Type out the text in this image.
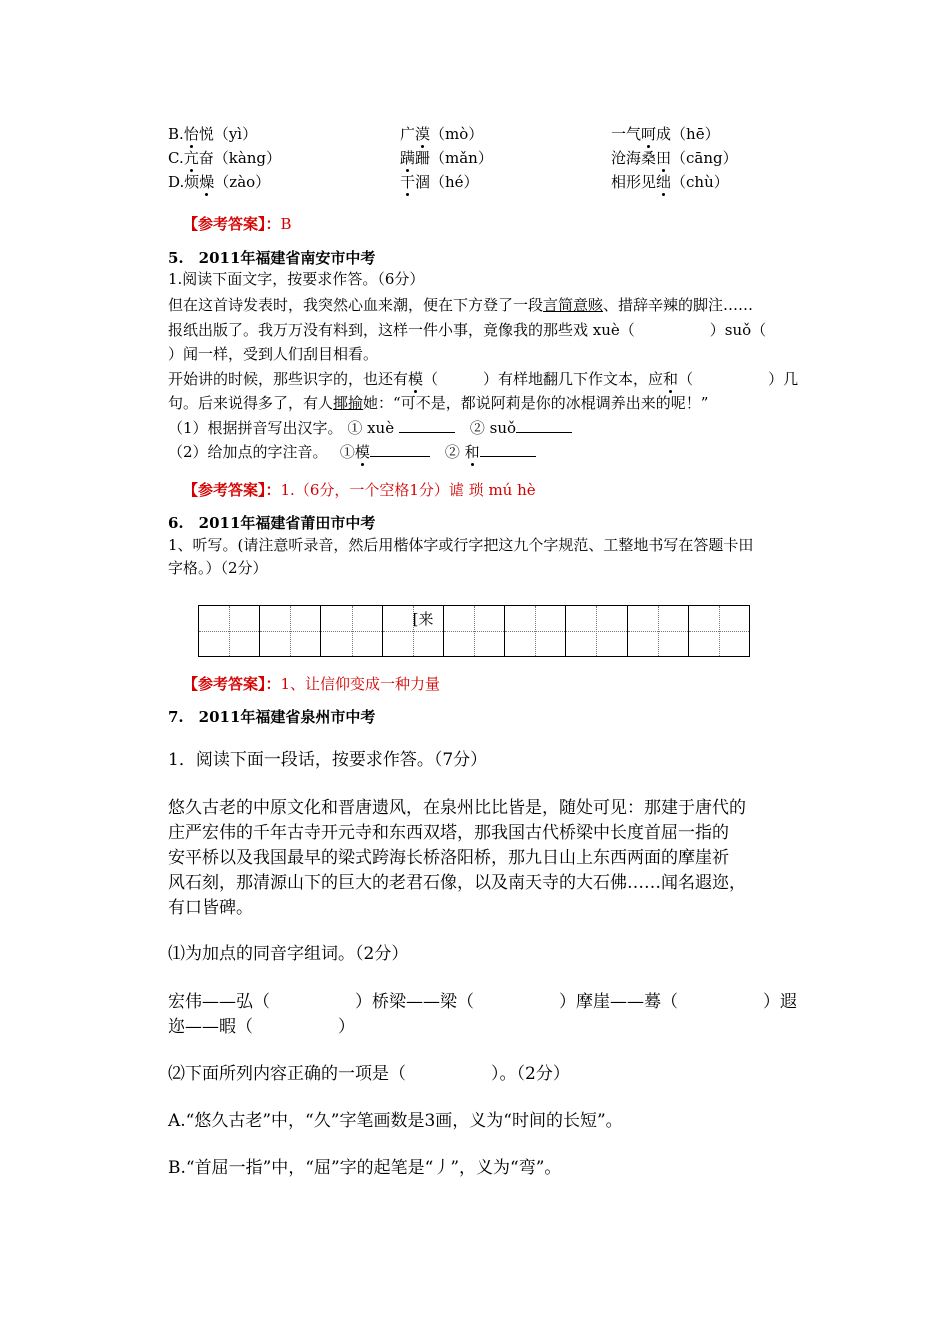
B.怡悦（yì）	广漠（mò）	一气呵成（hē）
C.亢奋（kàng）	蹒跚（mǎn）	沧海桑田（cāng）
D.烦燥（zào）	干涸（hé）	相形见绌（chù）
【参考答案】：B
5.　2011年福建省南安市中考
1.阅读下面文字，按要求作答。（6分）
但在这首诗发表时，我突然心血来潮，便在下方登了一段言简意赅、措辞辛辣的脚注……
报纸出版了。我万万没有料到，这样一件小事，竟像我的那些戏 xuè（　　　　　）suǒ（
）闻一样，受到人们刮目相看。
开始讲的时候，那些识字的，也还有模（　　　）有样地翻几下作文本，应和（　　　　　）几
句。后来说得多了，有人揶揄她：“可不是，都说阿莉是你的冰棍调养出来的呢！”
（1）根据拼音写出汉字。 ① xuè 　	② suǒ
（2）给加点的字注音。　 ①模　	② 和
【参考答案】：1.（6分，一个空格1分）谑 琐 mú hè
6.　2011年福建省莆田市中考
1、听写。(请注意听录音，然后用楷体字或行字把这九个字规范、工整地书写在答题卡田
字格。）（2分）
[来
【参考答案】：1、让信仰变成一种力量
7.　2011年福建省泉州市中考
1．阅读下面一段话，按要求作答。（7分）
悠久古老的中原文化和晋唐遗风，在泉州比比皆是，随处可见：那建于唐代的
庄严宏伟的千年古寺开元寺和东西双塔，那我国古代桥梁中长度首屈一指的
安平桥以及我国最早的梁式跨海长桥洛阳桥，那九日山上东西两面的摩崖祈
风石刻，那清源山下的巨大的老君石像，以及南天寺的大石佛……闻名遐迩，
有口皆碑。
⑴为加点的同音字组词。（2分）
宏伟——弘（　　　　　）桥梁——梁（　　　　　）摩崖——蓦（　　　　　）遐
迩——暇（　　　　　）
⑵下面所列内容正确的一项是（　　　　　）。（2分）
A.“悠久古老”中，“久”字笔画数是3画，义为“时间的长短”。
B.“首屈一指”中，“屈”字的起笔是“丿”，义为“弯”。
